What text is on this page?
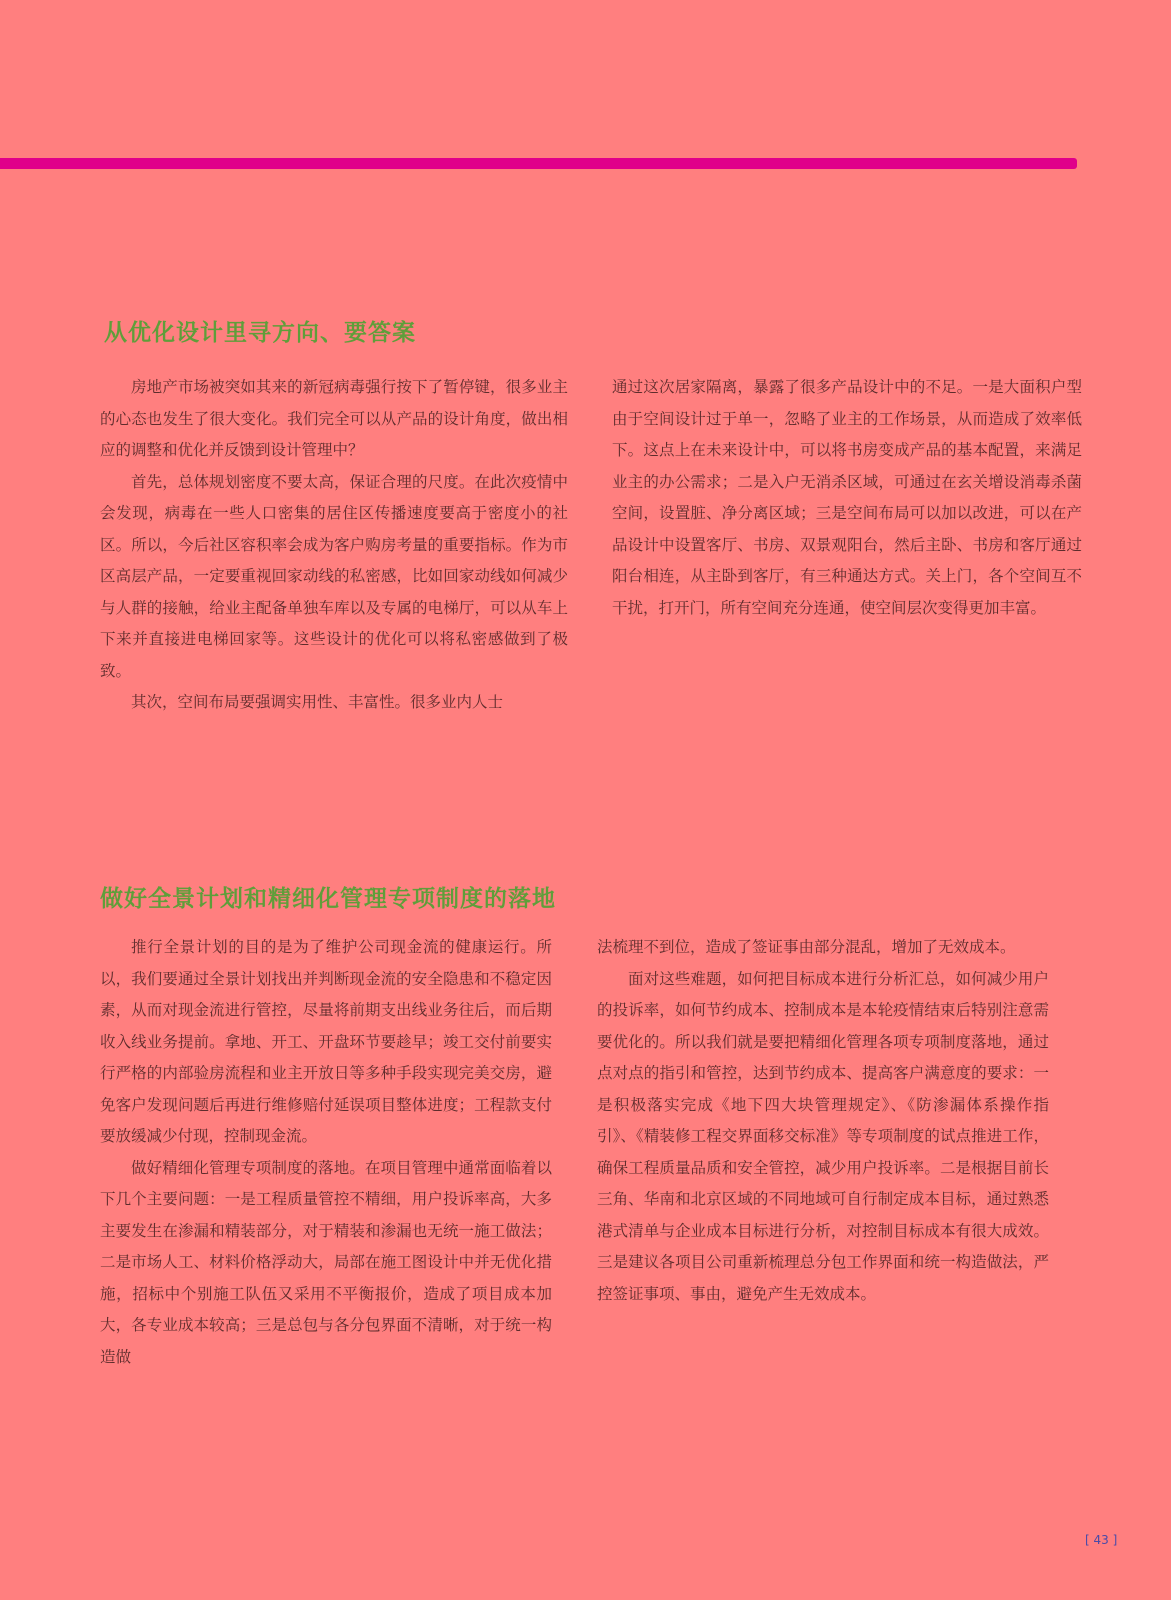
从优化设计里寻方向、要答案

房地产市场被突如其来的新冠病毒强行按下了暂停键，很多业主的心态也发生了很大变化。我们完全可以从产品的设计角度，做出相应的调整和优化并反馈到设计管理中？

首先，总体规划密度不要太高，保证合理的尺度。在此次疫情中会发现，病毒在一些人口密集的居住区传播速度要高于密度小的社区。所以，今后社区容积率会成为客户购房考量的重要指标。作为市区高层产品，一定要重视回家动线的私密感，比如回家动线如何减少与人群的接触，给业主配备单独车库以及专属的电梯厅，可以从车上下来并直接进电梯回家等。这些设计的优化可以将私密感做到了极致。

其次，空间布局要强调实用性、丰富性。很多业内人士

通过这次居家隔离，暴露了很多产品设计中的不足。一是大面积户型由于空间设计过于单一，忽略了业主的工作场景，从而造成了效率低下。这点上在未来设计中，可以将书房变成产品的基本配置，来满足业主的办公需求；二是入户无消杀区域，可通过在玄关增设消毒杀菌空间，设置脏、净分离区域；三是空间布局可以加以改进，可以在产品设计中设置客厅、书房、双景观阳台，然后主卧、书房和客厅通过阳台相连，从主卧到客厅，有三种通达方式。关上门，各个空间互不干扰，打开门，所有空间充分连通，使空间层次变得更加丰富。

做好全景计划和精细化管理专项制度的落地

推行全景计划的目的是为了维护公司现金流的健康运行。所以，我们要通过全景计划找出并判断现金流的安全隐患和不稳定因素，从而对现金流进行管控，尽量将前期支出线业务往后，而后期收入线业务提前。拿地、开工、开盘环节要趁早；竣工交付前要实行严格的内部验房流程和业主开放日等多种手段实现完美交房，避免客户发现问题后再进行维修赔付延误项目整体进度；工程款支付要放缓减少付现，控制现金流。

做好精细化管理专项制度的落地。在项目管理中通常面临着以下几个主要问题：一是工程质量管控不精细，用户投诉率高，大多主要发生在渗漏和精装部分，对于精装和渗漏也无统一施工做法；二是市场人工、材料价格浮动大，局部在施工图设计中并无优化措施，招标中个别施工队伍又采用不平衡报价，造成了项目成本加大，各专业成本较高；三是总包与各分包界面不清晰，对于统一构造做

法梳理不到位，造成了签证事由部分混乱，增加了无效成本。

面对这些难题，如何把目标成本进行分析汇总，如何减少用户的投诉率，如何节约成本、控制成本是本轮疫情结束后特别注意需要优化的。所以我们就是要把精细化管理各项专项制度落地，通过点对点的指引和管控，达到节约成本、提高客户满意度的要求：一是积极落实完成《地下四大块管理规定》、《防渗漏体系操作指引》、《精装修工程交界面移交标准》等专项制度的试点推进工作，确保工程质量品质和安全管控，减少用户投诉率。二是根据目前长三角、华南和北京区域的不同地域可自行制定成本目标，通过熟悉港式清单与企业成本目标进行分析，对控制目标成本有很大成效。三是建议各项目公司重新梳理总分包工作界面和统一构造做法，严控签证事项、事由，避免产生无效成本。

[ 43 ]
